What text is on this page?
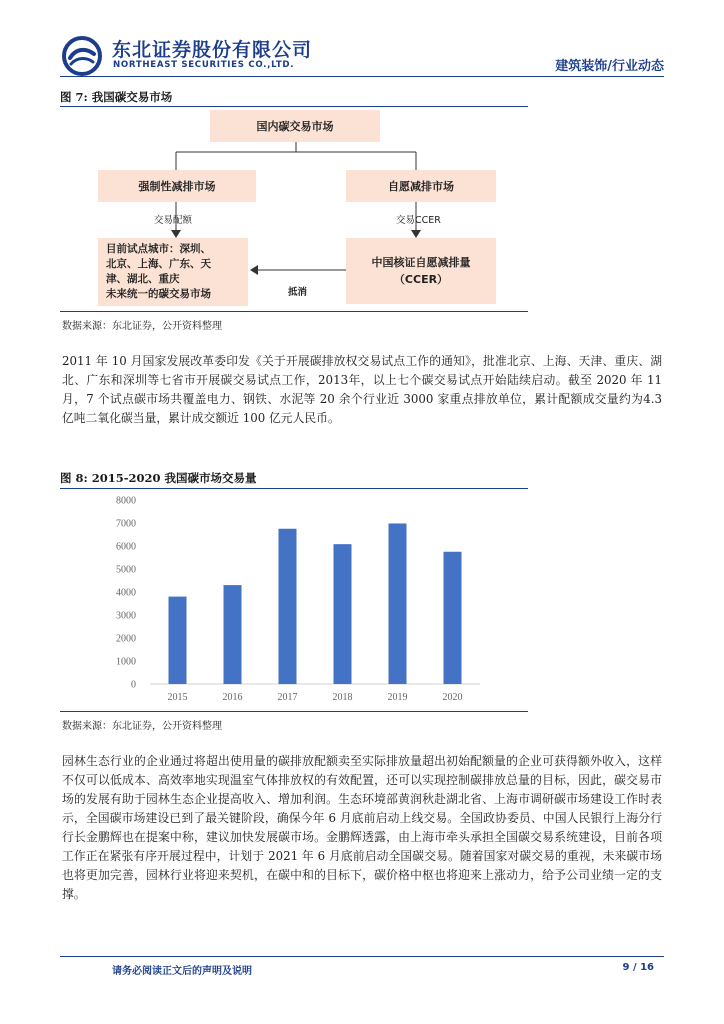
东北证券股份有限公司
NORTHEAST SECURITIES CO.,LTD.	建筑装饰/行业动态
图 7: 我国碳交易市场
国内碳交易市场
强制性减排市场	自愿减排市场
交易配额	交易CCER
目前试点城市：深圳、
北京、上海、广东、天
津、湖北、重庆
未来统一的碳交易市场
中国核证自愿减排量
（CCER）
抵消
数据来源：东北证券，公开资料整理

2011 年 10 月国家发展改革委印发《关于开展碳排放权交易试点工作的通知》，批准北京、上海、天津、重庆、湖北、广东和深圳等七省市开展碳交易试点工作，2013年，以上七个碳交易试点开始陆续启动。截至 2020 年 11 月，7 个试点碳市场共覆盖电力、钢铁、水泥等 20 余个行业近 3000 家重点排放单位，累计配额成交量约为4.3 亿吨二氧化碳当量，累计成交额近 100 亿元人民币。

图 8: 2015-2020 我国碳市场交易量
0
1000
2000
3000
4000
5000
6000
7000
8000
2015	2016	2017	2018	2019	2020
数据来源：东北证券，公开资料整理

园林生态行业的企业通过将超出使用量的碳排放配额卖至实际排放量超出初始配额量的企业可获得额外收入，这样不仅可以低成本、高效率地实现温室气体排放权的有效配置，还可以实现控制碳排放总量的目标，因此，碳交易市场的发展有助于园林生态企业提高收入、增加利润。生态环境部黄润秋赴湖北省、上海市调研碳市场建设工作时表示，全国碳市场建设已到了最关键阶段，确保今年 6 月底前启动上线交易。全国政协委员、中国人民银行上海分行行长金鹏辉也在提案中称，建议加快发展碳市场。金鹏辉透露，由上海市牵头承担全国碳交易系统建设，目前各项工作正在紧张有序开展过程中，计划于 2021 年 6 月底前启动全国碳交易。随着国家对碳交易的重视，未来碳市场也将更加完善，园林行业将迎来契机，在碳中和的目标下，碳价格中枢也将迎来上涨动力，给予公司业绩一定的支撑。

请务必阅读正文后的声明及说明	9 / 16
